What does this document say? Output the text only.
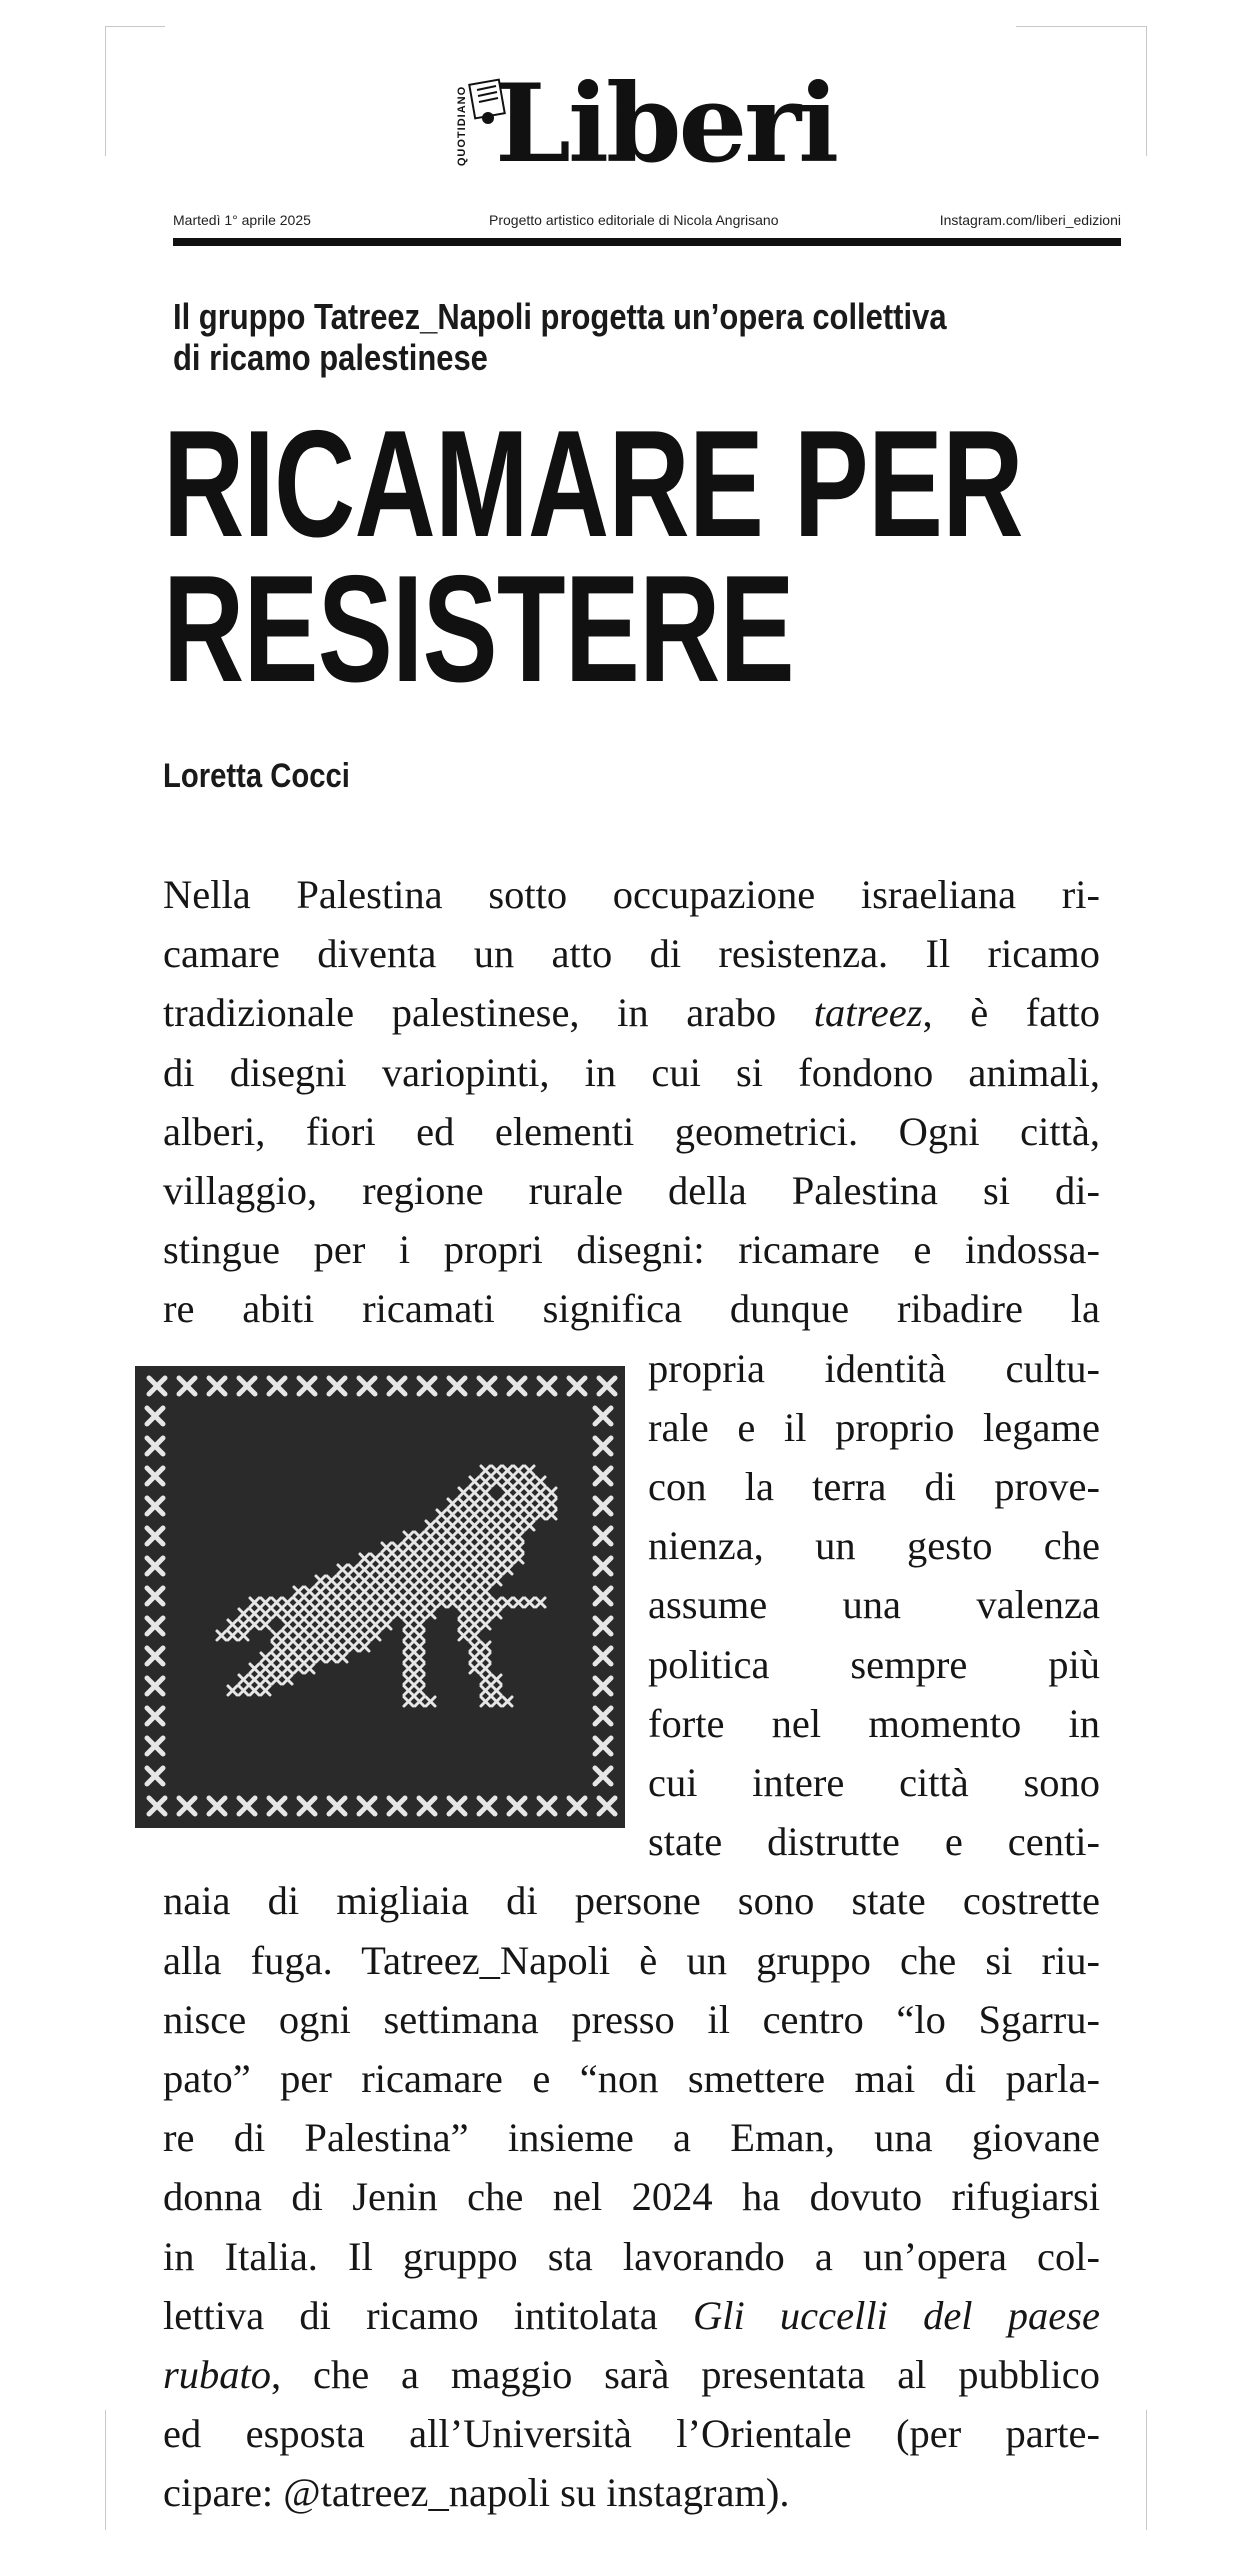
QUOTIDIANO Liberi
Martedì 1° aprile 2025	Progetto artistico editoriale di Nicola Angrisano	Instagram.com/liberi_edizioni
Il gruppo Tatreez_Napoli progetta un’opera collettiva
di ricamo palestinese
RICAMARE PER
RESISTERE
Loretta Cocci
Nella Palestina sotto occupazione israeliana ri-
camare diventa un atto di resistenza. Il ricamo
tradizionale palestinese, in arabo tatreez, è fatto
di disegni variopinti, in cui si fondono animali,
alberi, fiori ed elementi geometrici. Ogni città,
villaggio, regione rurale della Palestina si di-
stingue per i propri disegni: ricamare e indossa-
re abiti ricamati significa dunque ribadire la
propria identità cultu-
rale e il proprio legame
con la terra di prove-
nienza, un gesto che
assume una valenza
politica sempre più
forte nel momento in
cui intere città sono
state distrutte e centi-
naia di migliaia di persone sono state costrette
alla fuga. Tatreez_Napoli è un gruppo che si riu-
nisce ogni settimana presso il centro “lo Sgarru-
pato” per ricamare e “non smettere mai di parla-
re di Palestina” insieme a Eman, una giovane
donna di Jenin che nel 2024 ha dovuto rifugiarsi
in Italia. Il gruppo sta lavorando a un’opera col-
lettiva di ricamo intitolata Gli uccelli del paese
rubato, che a maggio sarà presentata al pubblico
ed esposta all’Università l’Orientale (per parte-
cipare: @tatreez_napoli su instagram).
